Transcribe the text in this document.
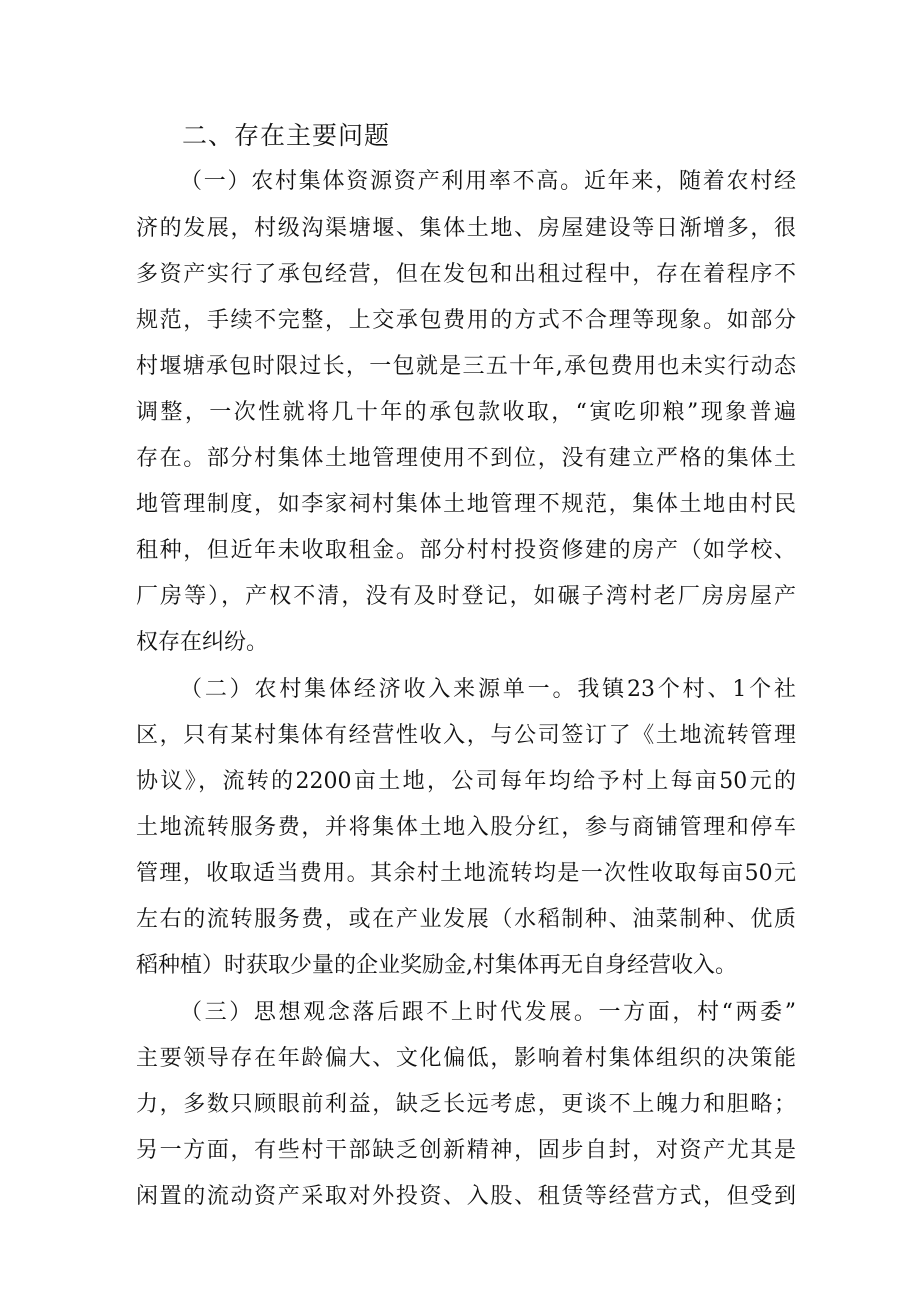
二、存在主要问题
（一）农村集体资源资产利用率不高。近年来，随着农村经
济的发展，村级沟渠塘堰、集体土地、房屋建设等日渐增多，很
多资产实行了承包经营，但在发包和出租过程中，存在着程序不
规范，手续不完整，上交承包费用的方式不合理等现象。如部分
村堰塘承包时限过长，一包就是三五十年,承包费用也未实行动态
调整，一次性就将几十年的承包款收取，“寅吃卯粮”现象普遍
存在。部分村集体土地管理使用不到位，没有建立严格的集体土
地管理制度，如李家祠村集体土地管理不规范，集体土地由村民
租种，但近年未收取租金。部分村村投资修建的房产（如学校、
厂房等），产权不清，没有及时登记，如碾子湾村老厂房房屋产
权存在纠纷。
（二）农村集体经济收入来源单一。我镇23个村、1个社
区，只有某村集体有经营性收入，与公司签订了《土地流转管理
协议》，流转的2200亩土地，公司每年均给予村上每亩50元的
土地流转服务费，并将集体土地入股分红，参与商铺管理和停车
管理，收取适当费用。其余村土地流转均是一次性收取每亩50元
左右的流转服务费，或在产业发展（水稻制种、油菜制种、优质
稻种植）时获取少量的企业奖励金,村集体再无自身经营收入。
（三）思想观念落后跟不上时代发展。一方面，村“两委”
主要领导存在年龄偏大、文化偏低，影响着村集体组织的决策能
力，多数只顾眼前利益，缺乏长远考虑，更谈不上魄力和胆略；
另一方面，有些村干部缺乏创新精神，固步自封，对资产尤其是
闲置的流动资产采取对外投资、入股、租赁等经营方式，但受到
